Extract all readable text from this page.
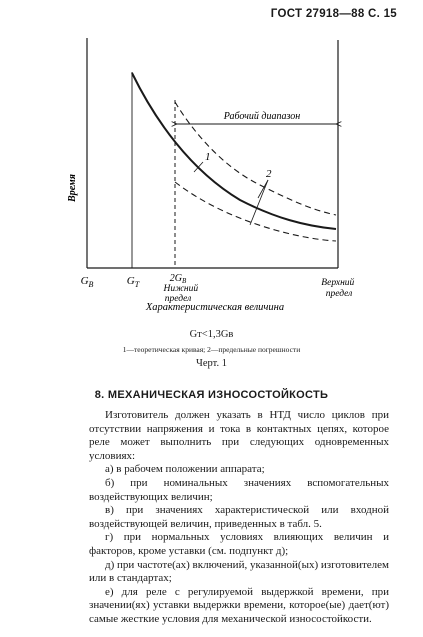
ГОСТ 27918—88 С. 15
Рабочий диапазон
1
2
Время
$G_В$	$G_Т$
$2G_В$
Нижний предел
Верхний предел
Характеристическая величина
Gт<1,3Gв
1—теоретическая кривая; 2—предельные погрешности
Черт. 1
8. МЕХАНИЧЕСКАЯ ИЗНОСОСТОЙКОСТЬ

Изготовитель должен указать в НТД число циклов при отсутствии напряжения и тока в контактных цепях, которое реле может выполнить при следующих одновременных условиях:

а) в рабочем положении аппарата;

б) при номинальных значениях вспомогательных воздействующих величин;

в) при значениях характеристической или входной воздействующей величин, приведенных в табл. 5.

г) при нормальных условиях влияющих величин и факторов, кроме уставки (см. подпункт д);

д) при частоте(ах) включений, указанной(ых) изготовителем или в стандартах;

е) для реле с регулируемой выдержкой времени, при значении(ях) уставки выдержки времени, которое(ые) дает(ют) самые жесткие условия для механической износостойкости.
